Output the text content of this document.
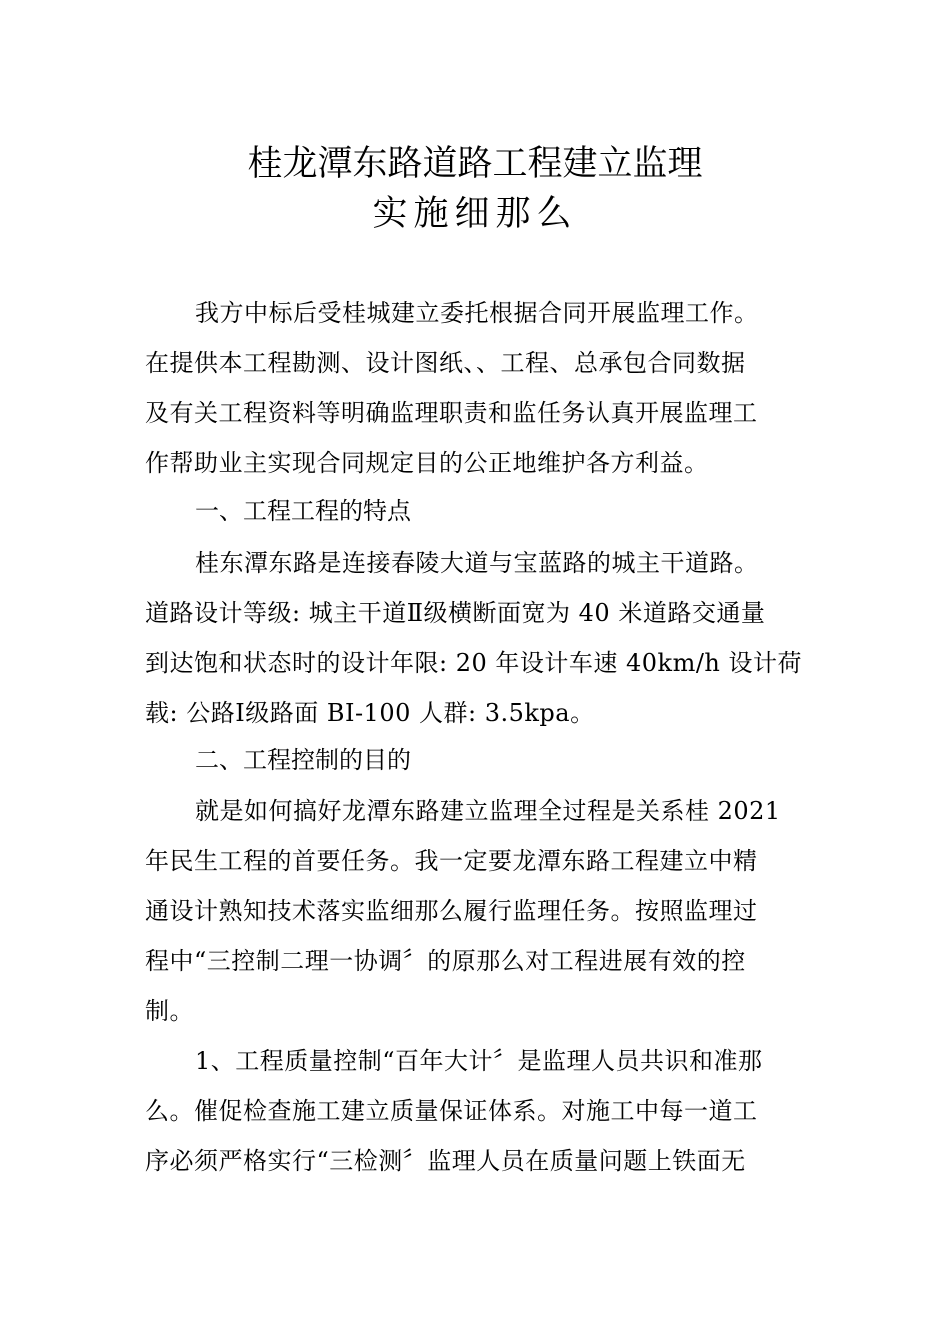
桂龙潭东路道路工程建立监理
实施细那么
我方中标后受桂城建立委托根据合同开展监理工作。
在提供本工程勘测、设计图纸、、工程、总承包合同数据
及有关工程资料等明确监理职责和监任务认真开展监理工
作帮助业主实现合同规定目的公正地维护各方利益。
一、工程工程的特点
桂东潭东路是连接春陵大道与宝蓝路的城主干道路。
道路设计等级: 城主干道Ⅱ级横断面宽为 40 米道路交通量
到达饱和状态时的设计年限: 20 年设计车速 40km/h 设计荷
载: 公路Ⅰ级路面 BI-100 人群: 3.5kpa。
二、工程控制的目的
就是如何搞好龙潭东路建立监理全过程是关系桂 2021
年民生工程的首要任务。我一定要龙潭东路工程建立中精
通设计熟知技术落实监细那么履行监理任务。按照监理过
程中“三控制二理一协调〞的原那么对工程进展有效的控
制。
1、工程质量控制“百年大计〞是监理人员共识和准那
么。催促检查施工建立质量保证体系。对施工中每一道工
序必须严格实行“三检测〞监理人员在质量问题上铁面无
